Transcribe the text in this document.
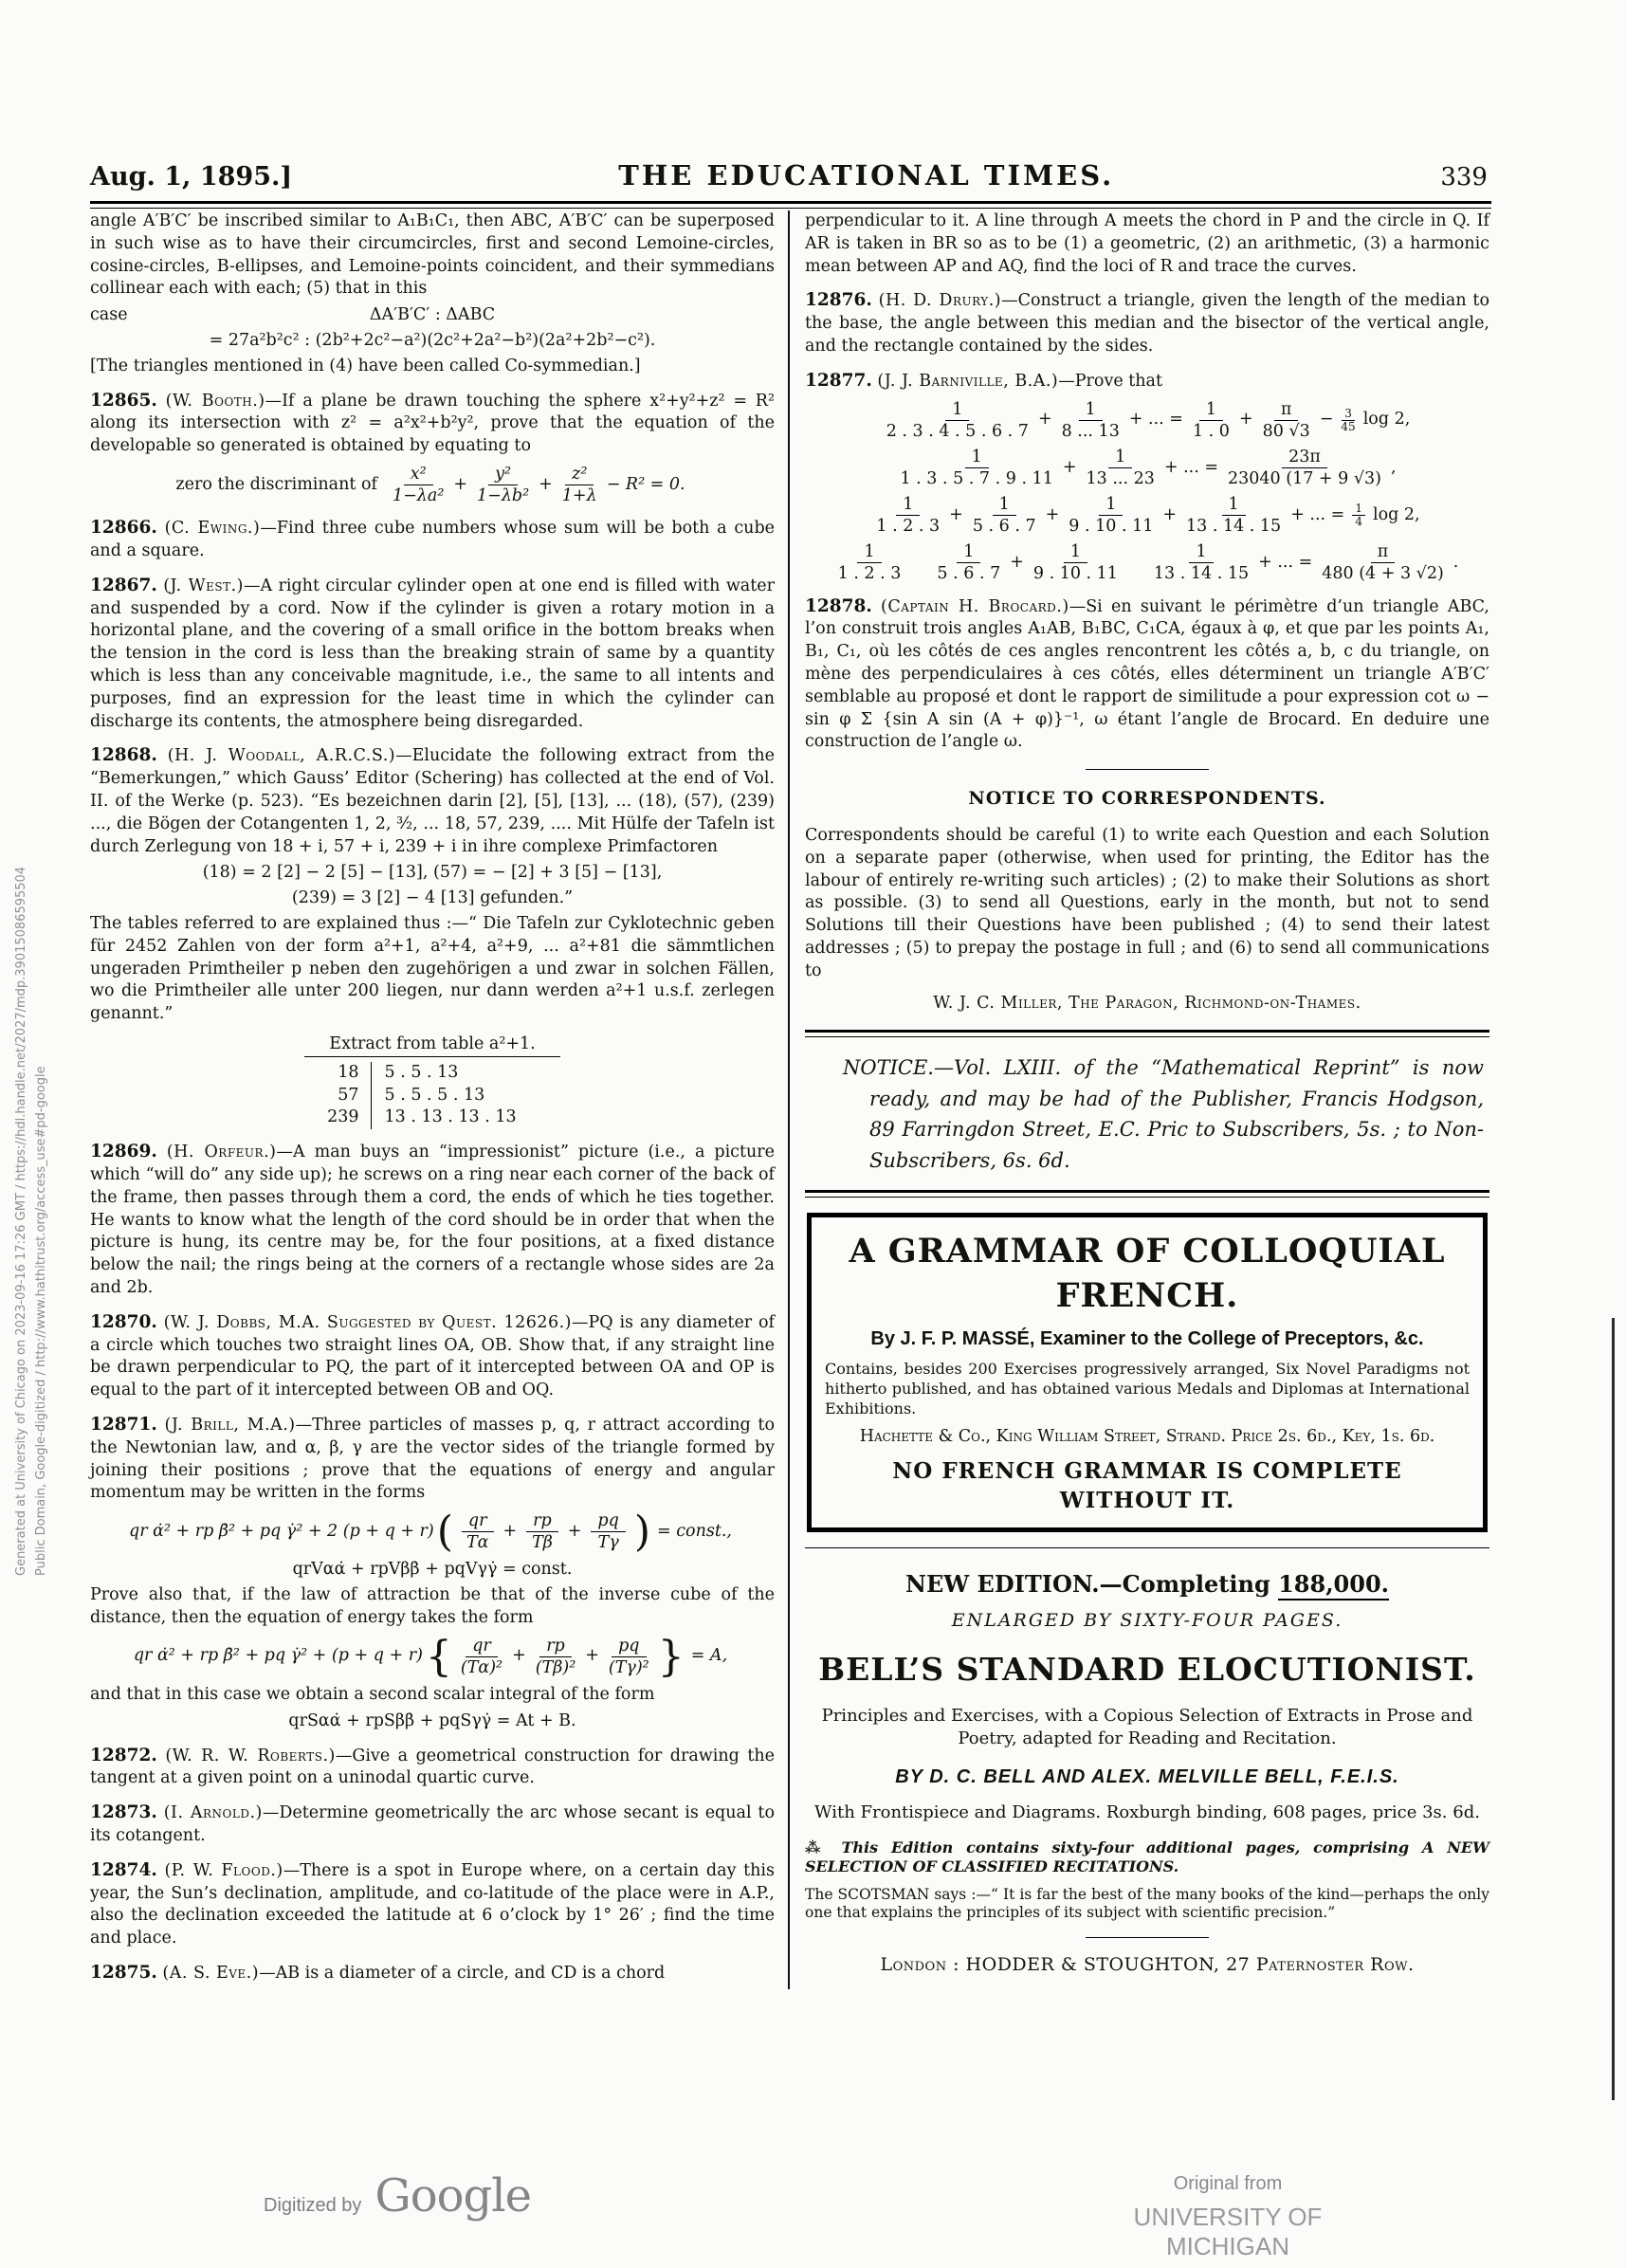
Generated at University of Chicago on 2023-09-16 17:26 GMT / https://hdl.handle.net/2027/mdp.39015086595504 Public Domain, Google-digitized / http://www.hathitrust.org/access_use#pd-google
Aug. 1, 1895.]	THE EDUCATIONAL TIMES.	339

angle A′B′C′ be inscribed similar to A₁B₁C₁, then ABC, A′B′C′ can be superposed in such wise as to have their circumcircles, first and second Lemoine-circles, cosine-circles, B-ellipses, and Lemoine-points coincident, and their symmedians collinear each with each; (5) that in this

case	ΔA′B′C′ : ΔABC
= 27a²b²c² : (2b²+2c²−a²)(2c²+2a²−b²)(2a²+2b²−c²).

[The triangles mentioned in (4) have been called Co-symmedian.]

12865. (W. Booth.)—If a plane be drawn touching the sphere x²+y²+z² = R² along its intersection with z² = a²x²+b²y², prove that the equation of the developable so generated is obtained by equating to

zero the discriminant of $\frac{\text{x²}}{\text{1−λa²}} + \frac{\text{y²}}{\text{1−λb²}} + \frac{\text{z²}}{1+\lambda} - R^2 = 0$.

12866. (C. Ewing.)—Find three cube numbers whose sum will be both a cube and a square.

12867. (J. West.)—A right circular cylinder open at one end is filled with water and suspended by a cord. Now if the cylinder is given a rotary motion in a horizontal plane, and the covering of a small orifice in the bottom breaks when the tension in the cord is less than the breaking strain of same by a quantity which is less than any conceivable magnitude, i.e., the same to all intents and purposes, find an expression for the least time in which the cylinder can discharge its contents, the atmosphere being disregarded.

12868. (H. J. Woodall, A.R.C.S.)—Elucidate the following extract from the “Bemerkungen,” which Gauss’ Editor (Schering) has collected at the end of Vol. II. of the Werke (p. 523). “Es bezeichnen darin [2], [5], [13], ... (18), (57), (239) ..., die Bögen der Cotangenten 1, 2, ³⁄₂, ... 18, 57, 239, .... Mit Hülfe der Tafeln ist durch Zerlegung von 18 + i, 57 + i, 239 + i in ihre complexe Primfactoren

(18) = 2 [2] − 2 [5] − [13], (57) = − [2] + 3 [5] − [13],
(239) = 3 [2] − 4 [13] gefunden.”

The tables referred to are explained thus :—“ Die Tafeln zur Cyklotechnic geben für 2452 Zahlen von der form a²+1, a²+4, a²+9, ... a²+81 die sämmtlichen ungeraden Primtheiler p neben den zugehörigen a und zwar in solchen Fällen, wo die Primtheiler alle unter 200 liegen, nur dann werden a²+1 u.s.f. zerlegen genannt.”

Extract from table a²+1.
18	5 . 5 . 13
57	5 . 5 . 5 . 13
239	13 . 13 . 13 . 13

12869. (H. Orfeur.)—A man buys an “impressionist” picture (i.e., a picture which “will do” any side up); he screws on a ring near each corner of the back of the frame, then passes through them a cord, the ends of which he ties together. He wants to know what the length of the cord should be in order that when the picture is hung, its centre may be, for the four positions, at a fixed distance below the nail; the rings being at the corners of a rectangle whose sides are 2a and 2b.

12870. (W. J. Dobbs, M.A. Suggested by Quest. 12626.)—PQ is any diameter of a circle which touches two straight lines OA, OB. Show that, if any straight line be drawn perpendicular to PQ, the part of it intercepted between OA and OP is equal to the part of it intercepted between OB and OQ.

12871. (J. Brill, M.A.)—Three particles of masses p, q, r attract according to the Newtonian law, and α, β, γ are the vector sides of the triangle formed by joining their positions ; prove that the equations of energy and angular momentum may be written in the forms

qr α̇² + rp β̇² + pq γ̇² + 2 (p + q + r) ( $\frac{qr}{T\alpha} + \frac{rp}{T\beta} + \frac{pq}{T\gamma}$ ) = const.,
qrVαα̇ + rpVββ̇ + pqVγγ̇ = const.

Prove also that, if the law of attraction be that of the inverse cube of the distance, then the equation of energy takes the form

qr α̇² + rp β̇² + pq γ̇² + (p + q + r) { $\frac{qr}{\text{(Tα)²}} + \frac{rp}{\text{(Tβ)²}} + \frac{pq}{\text{(Tγ)²}}$ } = A,

and that in this case we obtain a second scalar integral of the form

qrSαα̇ + rpSββ̇ + pqSγγ̇ = At + B.

12872. (W. R. W. Roberts.)—Give a geometrical construction for drawing the tangent at a given point on a uninodal quartic curve.

12873. (I. Arnold.)—Determine geometrically the arc whose secant is equal to its cotangent.

12874. (P. W. Flood.)—There is a spot in Europe where, on a certain day this year, the Sun’s declination, amplitude, and co-latitude of the place were in A.P., also the declination exceeded the latitude at 6 o’clock by 1° 26′ ; find the time and place.

12875. (A. S. Eve.)—AB is a diameter of a circle, and CD is a chord

perpendicular to it. A line through A meets the chord in P and the circle in Q. If AR is taken in BR so as to be (1) a geometric, (2) an arithmetic, (3) a harmonic mean between AP and AQ, find the loci of R and trace the curves.

12876. (H. D. Drury.)—Construct a triangle, given the length of the median to the base, the angle between this median and the bisector of the vertical angle, and the rectangle contained by the sides.

12877. (J. J. Barniville, B.A.)—Prove that

$\frac{1}{2 . 3 . 4 . 5 . 6 . 7} + \frac{1}{8 ... 13}$ + ... = $\frac{1}{1 . 0} + \frac{\pi}{80 √3} - \frac{3}{45}$ log 2,
$\frac{1}{1 . 3 . 5 . 7 . 9 . 11} + \frac{1}{13 ... 23}$ + ... = $\frac{23\pi}{23040 (17 + 9 √3)}$ ,
$\frac{1}{1 . 2 . 3} + \frac{1}{5 . 6 . 7} + \frac{1}{9 . 10 . 11} + \frac{1}{13 . 14 . 15}$ + ... = $\frac{1}{4}$ log 2,
$\frac{1}{1 . 2 . 3} \frac{1}{5 . 6 . 7} + \frac{1}{9 . 10 . 11} \frac{1}{13 . 14 . 15}$ + ... = $\frac{\pi}{480 (4 + 3 √2)}$ .

12878. (Captain H. Brocard.)—Si en suivant le périmètre d’un triangle ABC, l’on construit trois angles A₁AB, B₁BC, C₁CA, égaux à φ, et que par les points A₁, B₁, C₁, où les côtés de ces angles rencontrent les côtés a, b, c du triangle, on mène des perpendiculaires à ces côtés, elles déterminent un triangle A′B′C′ semblable au proposé et dont le rapport de similitude a pour expression cot ω − sin φ Σ {sin A sin (A + φ)}⁻¹, ω étant l’angle de Brocard. En deduire une construction de l’angle ω.

NOTICE TO CORRESPONDENTS.

Correspondents should be careful (1) to write each Question and each Solution on a separate paper (otherwise, when used for printing, the Editor has the labour of entirely re-writing such articles) ; (2) to make their Solutions as short as possible. (3) to send all Questions, early in the month, but not to send Solutions till their Questions have been published ; (4) to send their latest addresses ; (5) to prepay the postage in full ; and (6) to send all communications to

W. J. C. Miller, The Paragon, Richmond-on-Thames.
NOTICE.—Vol. LXIII. of the “Mathematical Reprint” is now ready, and may be had of the Publisher, Francis Hodgson, 89 Farringdon Street, E.C. Pric to Subscribers, 5s. ; to Non-Subscribers, 6s. 6d.
A GRAMMAR OF COLLOQUIAL FRENCH.
By J. F. P. MASSÉ, Examiner to the College of Preceptors, &c.
Contains, besides 200 Exercises progressively arranged, Six Novel Paradigms not hitherto published, and has obtained various Medals and Diplomas at International Exhibitions.
Hachette & Co., King William Street, Strand. Price 2s. 6d., Key, 1s. 6d.
NO FRENCH GRAMMAR IS COMPLETE WITHOUT IT.
NEW EDITION.—Completing 188,000.
ENLARGED BY SIXTY-FOUR PAGES.
BELL’S STANDARD ELOCUTIONIST.
Principles and Exercises, with a Copious Selection of Extracts in Prose and Poetry, adapted for Reading and Recitation.
BY D. C. BELL AND ALEX. MELVILLE BELL, F.E.I.S.
With Frontispiece and Diagrams. Roxburgh binding, 608 pages, price 3s. 6d.
⁂ This Edition contains sixty-four additional pages, comprising A NEW SELECTION OF CLASSIFIED RECITATIONS.
The SCOTSMAN says :—“ It is far the best of the many books of the kind—perhaps the only one that explains the principles of its subject with scientific precision.”
London : HODDER & STOUGHTON, 27 Paternoster Row.
Digitized by Google	Original from
UNIVERSITY OF MICHIGAN
